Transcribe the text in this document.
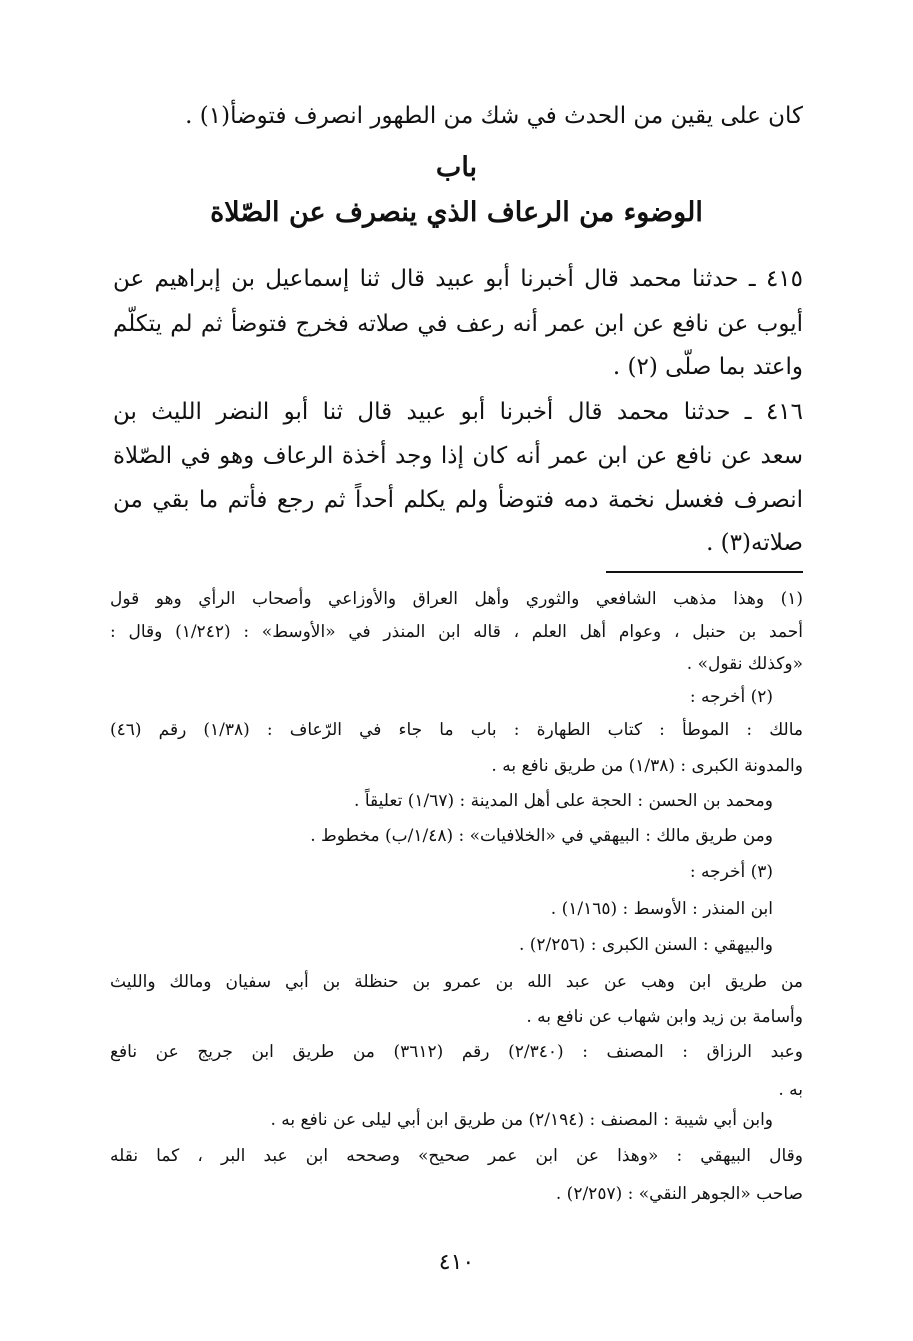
كان على يقين من الحدث في شك من الطهور انصرف فتوضأ(١) .
باب
الوضوء من الرعاف الذي ينصرف عن الصّلاة
٤١٥ ـ حدثنا محمد قال أخبرنا أبو عبيد قال ثنا إسماعيل بن إبراهيم عن
أيوب عن نافع عن ابن عمر أنه رعف في صلاته فخرج فتوضأ ثم لم يتكلّم
واعتد بما صلّى (٢) .
٤١٦ ـ حدثنا محمد قال أخبرنا أبو عبيد قال ثنا أبو النضر الليث بن
سعد عن نافع عن ابن عمر أنه كان إذا وجد أخذة الرعاف وهو في الصّلاة
انصرف فغسل نخمة دمه فتوضأ ولم يكلم أحداً ثم رجع فأتم ما بقي من
صلاته(٣) .
(١) وهذا مذهب الشافعي والثوري وأهل العراق والأوزاعي وأصحاب الرأي وهو قول
أحمد بن حنبل ، وعوام أهل العلم ، قاله ابن المنذر في «الأوسط» : (١/٢٤٢) وقال :
«وكذلك نقول» .
(٢) أخرجه :
مالك : الموطأ : كتاب الطهارة : باب ما جاء في الرّعاف : (١/٣٨) رقم (٤٦)
والمدونة الكبرى : (١/٣٨) من طريق نافع به .
ومحمد بن الحسن : الحجة على أهل المدينة : (١/٦٧) تعليقاً .
ومن طريق مالك : البيهقي في «الخلافيات» : (١/٤٨/ب) مخطوط .
(٣) أخرجه :
ابن المنذر : الأوسط : (١/١٦٥) .
والبيهقي : السنن الكبرى : (٢/٢٥٦) .
من طريق ابن وهب عن عبد الله بن عمرو بن حنظلة بن أبي سفيان ومالك والليث
وأسامة بن زيد وابن شهاب عن نافع به .
وعبد الرزاق : المصنف : (٢/٣٤٠) رقم (٣٦١٢) من طريق ابن جريج عن نافع
به .
وابن أبي شيبة : المصنف : (٢/١٩٤) من طريق ابن أبي ليلى عن نافع به .
وقال البيهقي : «وهذا عن ابن عمر صحيح» وصححه ابن عبد البر ، كما نقله
صاحب «الجوهر النقي» : (٢/٢٥٧) .
٤١٠
